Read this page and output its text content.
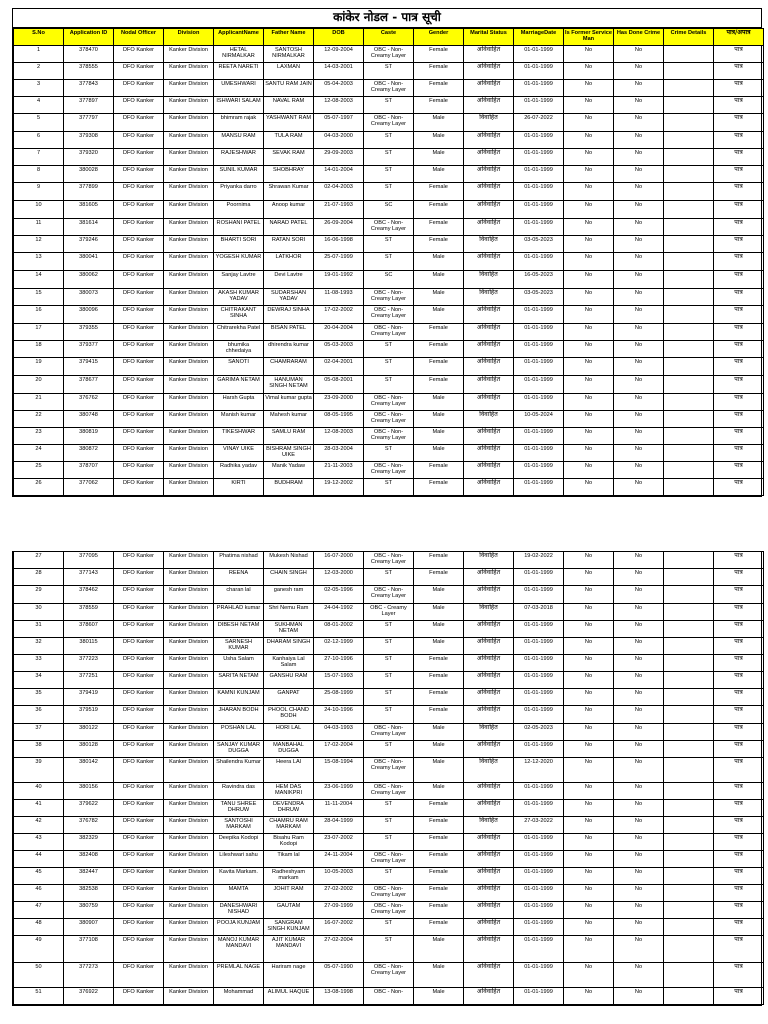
कांकेर नोडल - पात्र सूची
S.No	Application ID	Nodal Officer	Division	ApplicantName	Father Name	DOB	Caste	Gender	Marital Status	MarriageDate	Is Former Service Man	Has Done Crime	Crime Details	पात्र/अपात्र
1	378470	DFO Kanker	Kanker Division	HETAL NIRMALKAR	SANTOSH NIRMALKAR	12-09-2004	OBC - Non-Creamy Layer	Female	अविवाहित	01-01-1999	No	No		पात्र
2	378555	DFO Kanker	Kanker Division	REETA NARETI	LAXMAN	14-03-2001	ST	Female	अविवाहित	01-01-1999	No	No		पात्र
3	377843	DFO Kanker	Kanker Division	UMESHWARI	SANTU RAM JAIN	05-04-2003	OBC - Non-Creamy Layer	Female	अविवाहित	01-01-1999	No	No		पात्र
4	377897	DFO Kanker	Kanker Division	ISHWARI SALAM	NAVAL RAM	12-08-2003	ST	Female	अविवाहित	01-01-1999	No	No		पात्र
5	377797	DFO Kanker	Kanker Division	bhimram rajak	YASHWANT RAM	05-07-1997	OBC - Non-Creamy Layer	Male	विवाहित	26-07-2022	No	No		पात्र
6	379308	DFO Kanker	Kanker Division	MANSU RAM	TULA RAM	04-03-2000	ST	Male	अविवाहित	01-01-1999	No	No		पात्र
7	379320	DFO Kanker	Kanker Division	RAJESHWAR	SEVAK RAM	29-09-2003	ST	Male	अविवाहित	01-01-1999	No	No		पात्र
8	380028	DFO Kanker	Kanker Division	SUNIL KUMAR	SHOBHRAY	14-01-2004	ST	Male	अविवाहित	01-01-1999	No	No		पात्र
9	377899	DFO Kanker	Kanker Division	Priyanka darro	Shrawan Kumar	02-04-2003	ST	Female	अविवाहित	01-01-1999	No	No		पात्र
10	381605	DFO Kanker	Kanker Division	Poornima	Anoop kumar	21-07-1993	SC	Female	अविवाहित	01-01-1999	No	No		पात्र
11	381614	DFO Kanker	Kanker Division	ROSHANI PATEL	NARAD PATEL	26-09-2004	OBC - Non-Creamy Layer	Female	अविवाहित	01-01-1999	No	No		पात्र
12	379246	DFO Kanker	Kanker Division	BHARTI SORI	RATAN SORI	16-06-1998	ST	Female	विवाहित	03-05-2023	No	No		पात्र
13	380041	DFO Kanker	Kanker Division	YOGESH KUMAR	LATKHOR	25-07-1999	ST	Male	अविवाहित	01-01-1999	No	No		पात्र
14	380062	DFO Kanker	Kanker Division	Sanjay Lavtre	Devi Lavtre	19-01-1992	SC	Male	विवाहित	16-05-2023	No	No		पात्र
15	380073	DFO Kanker	Kanker Division	AKASH KUMAR YADAV	SUDARSHAN YADAV	11-08-1993	OBC - Non-Creamy Layer	Male	विवाहित	03-05-2023	No	No		पात्र
16	380096	DFO Kanker	Kanker Division	CHITRAKANT SINHA	DEWRAJ SINHA	17-02-2002	OBC - Non-Creamy Layer	Male	अविवाहित	01-01-1999	No	No		पात्र
17	379355	DFO Kanker	Kanker Division	Chitrarekha Patel	BISAN PATEL	20-04-2004	OBC - Non-Creamy Layer	Female	अविवाहित	01-01-1999	No	No		पात्र
18	379377	DFO Kanker	Kanker Division	bhumika chhedaiya	dhirendra kumar	05-03-2003	ST	Female	अविवाहित	01-01-1999	No	No		पात्र
19	379415	DFO Kanker	Kanker Division	SANOTI	CHAMRARAM	02-04-2001	ST	Female	अविवाहित	01-01-1999	No	No		पात्र
20	378677	DFO Kanker	Kanker Division	GARIMA NETAM	HANUMAN SINGH NETAM	05-08-2001	ST	Female	अविवाहित	01-01-1999	No	No		पात्र
21	376762	DFO Kanker	Kanker Division	Harsh Gupta	Vimal kumar gupta	23-09-2000	OBC - Non-Creamy Layer	Male	अविवाहित	01-01-1999	No	No		पात्र
22	380748	DFO Kanker	Kanker Division	Manish kumar	Mahesh kumar	08-05-1995	OBC - Non-Creamy Layer	Male	विवाहित	10-05-2024	No	No		पात्र
23	380819	DFO Kanker	Kanker Division	TIKESHWAR	SAMLU RAM	12-08-2003	OBC - Non-Creamy Layer	Male	अविवाहित	01-01-1999	No	No		पात्र
24	380872	DFO Kanker	Kanker Division	VINAY UIKE	BISHRAM SINGH UIKE	28-03-2004	ST	Male	अविवाहित	01-01-1999	No	No		पात्र
25	378707	DFO Kanker	Kanker Division	Radhika yadav	Manik Yadaw	21-11-2003	OBC - Non-Creamy Layer	Female	अविवाहित	01-01-1999	No	No		पात्र
26	377062	DFO Kanker	Kanker Division	KIRTI	BUDHRAM	19-12-2002	ST	Female	अविवाहित	01-01-1999	No	No		पात्र
27	377095	DFO Kanker	Kanker Division	Phatima nishad	Mukesh Nishad	16-07-2000	OBC - Non-Creamy Layer	Female	विवाहित	19-02-2022	No	No		पात्र
28	377143	DFO Kanker	Kanker Division	REENA	CHAIN SINGH	12-03-2000	ST	Female	अविवाहित	01-01-1999	No	No		पात्र
29	378462	DFO Kanker	Kanker Division	charan lal	ganesh ram	02-05-1996	OBC - Non-Creamy Layer	Male	अविवाहित	01-01-1999	No	No		पात्र
30	378559	DFO Kanker	Kanker Division	PRAHLAD kumar	Shri Nemu Ram	24-04-1992	OBC - Creamy Layer	Male	विवाहित	07-03-2018	No	No		पात्र
31	378607	DFO Kanker	Kanker Division	DIBESH NETAM	SUKHMAN NETAM	08-01-2002	ST	Male	अविवाहित	01-01-1999	No	No		पात्र
32	380115	DFO Kanker	Kanker Division	SARNESH KUMAR	DHARAM SINGH	02-12-1999	ST	Male	अविवाहित	01-01-1999	No	No		पात्र
33	377223	DFO Kanker	Kanker Division	Usha Salam	Kanhaiya Lal Salam	27-10-1996	ST	Female	अविवाहित	01-01-1999	No	No		पात्र
34	377251	DFO Kanker	Kanker Division	SARITA NETAM	GANSHU RAM	15-07-1993	ST	Female	अविवाहित	01-01-1999	No	No		पात्र
35	379419	DFO Kanker	Kanker Division	KAMNI KUNJAM	GANPAT	25-08-1999	ST	Female	अविवाहित	01-01-1999	No	No		पात्र
36	379519	DFO Kanker	Kanker Division	JHARAN BODH	PHOOL CHAND BODH	24-10-1996	ST	Female	अविवाहित	01-01-1999	No	No		पात्र
37	380122	DFO Kanker	Kanker Division	POSHAN LAL	HORI LAL	04-03-1993	OBC - Non-Creamy Layer	Male	विवाहित	02-05-2023	No	No		पात्र
38	380128	DFO Kanker	Kanker Division	SANJAY KUMAR DUGGA	MANBAHAL DUGGA	17-02-2004	ST	Male	अविवाहित	01-01-1999	No	No		पात्र
39	380142	DFO Kanker	Kanker Division	Shailendra Kumar	Heera LAl	15-08-1994	OBC - Non-Creamy Layer	Male	विवाहित	12-12-2020	No	No		पात्र
40	380156	DFO Kanker	Kanker Division	Ravindra das	HEM DAS MANIKPRI	23-06-1999	OBC - Non-Creamy Layer	Male	अविवाहित	01-01-1999	No	No		पात्र
41	379622	DFO Kanker	Kanker Division	TANU SHREE DHRUW	DEVENDRA DHRUW	11-11-2004	ST	Female	अविवाहित	01-01-1999	No	No		पात्र
42	376782	DFO Kanker	Kanker Division	SANTOSHI MARKAM	CHAMRU RAM MARKAM	28-04-1999	ST	Female	विवाहित	27-03-2022	No	No		पात्र
43	382329	DFO Kanker	Kanker Division	Deepika Kodopi	Bisahu Ram Kodopi	23-07-2002	ST	Female	अविवाहित	01-01-1999	No	No		पात्र
44	382408	DFO Kanker	Kanker Division	Lileshwari sahu	Tikam lal	24-11-2004	OBC - Non-Creamy Layer	Female	अविवाहित	01-01-1999	No	No		पात्र
45	382447	DFO Kanker	Kanker Division	Kavita Markam.	Radheshyam markam	10-05-2003	ST	Female	अविवाहित	01-01-1999	No	No		पात्र
46	382538	DFO Kanker	Kanker Division	MAMTA	JOHIT RAM	27-02-2002	OBC - Non-Creamy Layer	Female	अविवाहित	01-01-1999	No	No		पात्र
47	380759	DFO Kanker	Kanker Division	DANESHWARI NISHAD	GAUTAM	27-09-1999	OBC - Non-Creamy Layer	Female	अविवाहित	01-01-1999	No	No		पात्र
48	380907	DFO Kanker	Kanker Division	POOJA KUNJAM	SANGRAM SINGH KUNJAM	16-07-2002	ST	Female	अविवाहित	01-01-1999	No	No		पात्र
49	377108	DFO Kanker	Kanker Division	MANOJ KUMAR MANDAVI	AJIT KUMAR MANDAVI	27-02-2004	ST	Male	अविवाहित	01-01-1999	No	No		पात्र
50	377273	DFO Kanker	Kanker Division	PREMLAL NAGE	Hariram nage	05-07-1990	OBC - Non-Creamy Layer	Male	अविवाहित	01-01-1999	No	No		पात्र
51	376922	DFO Kanker	Kanker Division	Mohammad	ALIMUL HAQUE	13-08-1998	OBC - Non-	Male	अविवाहित	01-01-1999	No	No		पात्र
